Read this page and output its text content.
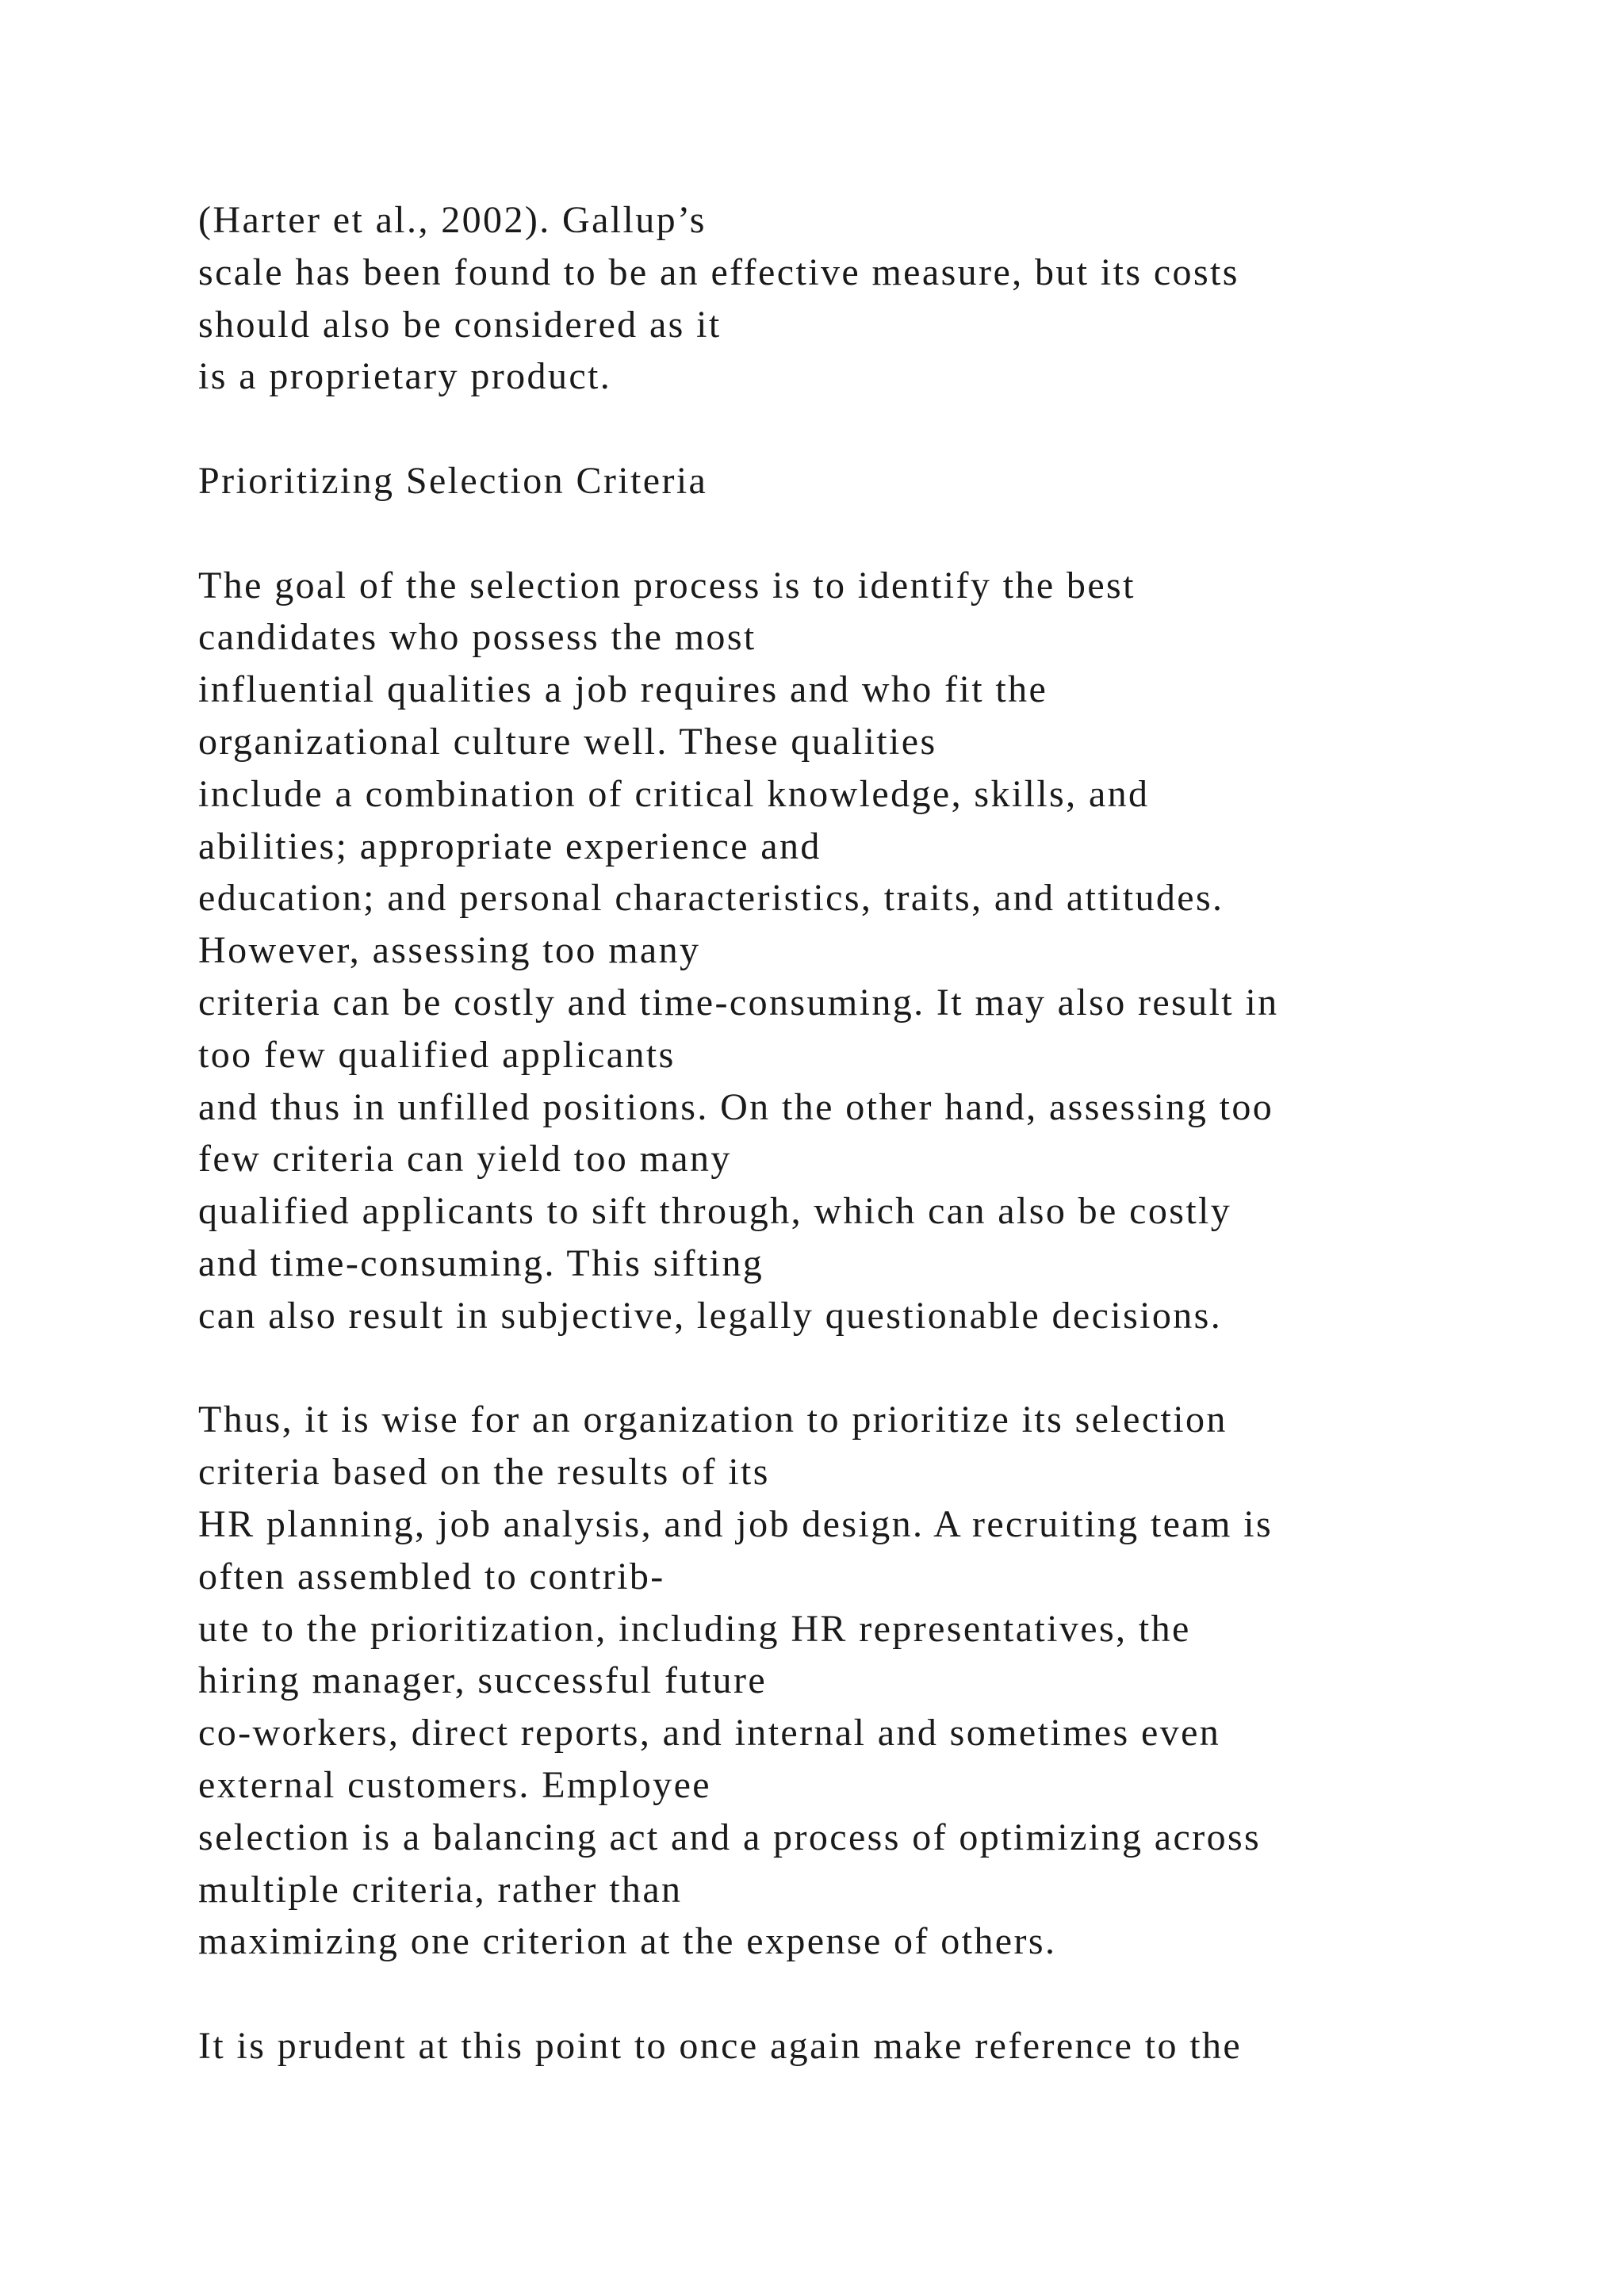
(Harter et al., 2002). Gallup’s
scale has been found to be an effective measure, but its costs
should also be considered as it
is a proprietary product.
Prioritizing Selection Criteria
The goal of the selection process is to identify the best
candidates who possess the most
influential qualities a job requires and who fit the
organizational culture well. These qualities
include a combination of critical knowledge, skills, and
abilities; appropriate experience and
education; and personal characteristics, traits, and attitudes.
However, assessing too many
criteria can be costly and time-consuming. It may also result in
too few qualified applicants
and thus in unfilled positions. On the other hand, assessing too
few criteria can yield too many
qualified applicants to sift through, which can also be costly
and time-consuming. This sifting
can also result in subjective, legally questionable decisions.
Thus, it is wise for an organization to prioritize its selection
criteria based on the results of its
HR planning, job analysis, and job design. A recruiting team is
often assembled to contrib-
ute to the prioritization, including HR representatives, the
hiring manager, successful future
co-workers, direct reports, and internal and sometimes even
external customers. Employee
selection is a balancing act and a process of optimizing across
multiple criteria, rather than
maximizing one criterion at the expense of others.
It is prudent at this point to once again make reference to the
